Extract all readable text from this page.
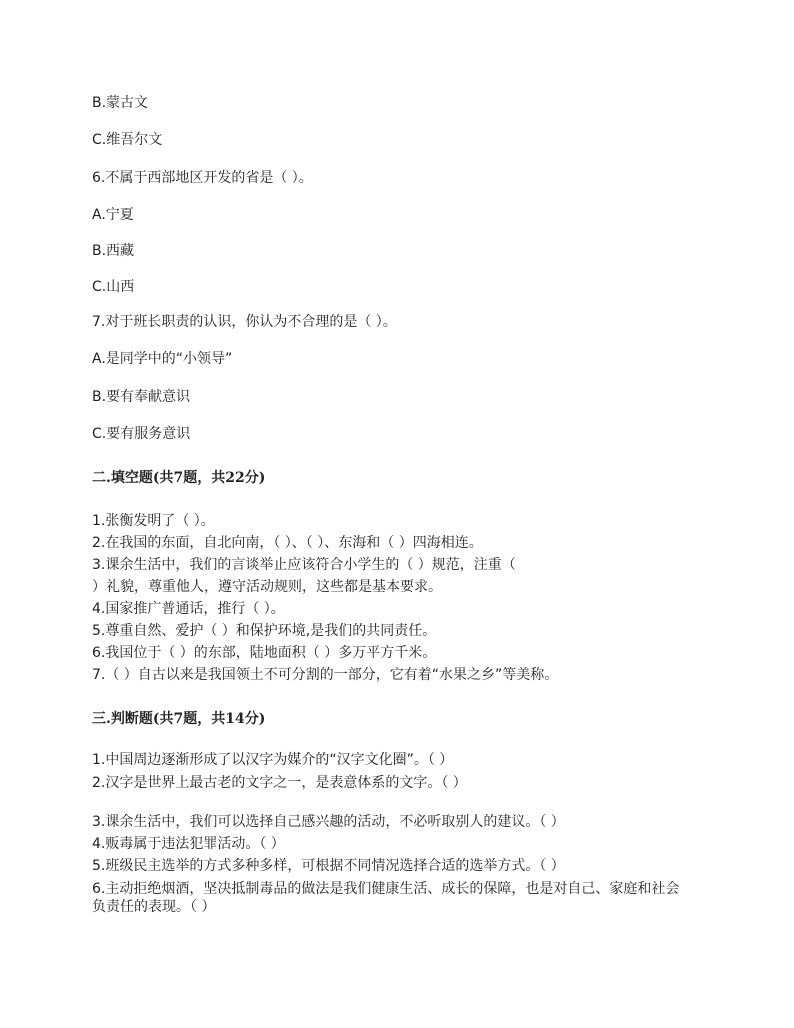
B.蒙古文
C.维吾尔文
6.不属于西部地区开发的省是（ ）。
A.宁夏
B.西藏
C.山西
7.对于班长职责的认识，你认为不合理的是（ ）。
A.是同学中的“小领导”
B.要有奉献意识
C.要有服务意识
二.填空题(共7题，共22分)
1.张衡发明了（ ）。
2.在我国的东面，自北向南，（ ）、（ ）、东海和（ ）四海相连。
3.课余生活中，我们的言谈举止应该符合小学生的（ ）规范，注重（
）礼貌，尊重他人，遵守活动规则，这些都是基本要求。
4.国家推广普通话，推行（ ）。
5.尊重自然、爱护（ ）和保护环境,是我们的共同责任。
6.我国位于（ ）的东部，陆地面积（ ）多万平方千米。
7.（ ）自古以来是我国领土不可分割的一部分，它有着“水果之乡”等美称。
三.判断题(共7题，共14分)
1.中国周边逐渐形成了以汉字为媒介的“汉字文化圈”。（ ）
2.汉字是世界上最古老的文字之一，是表意体系的文字。（ ）
3.课余生活中，我们可以选择自己感兴趣的活动，不必听取别人的建议。（ ）
4.贩毒属于违法犯罪活动。（ ）
5.班级民主选举的方式多种多样，可根据不同情况选择合适的选举方式。（ ）
6.主动拒绝烟酒，坚决抵制毒品的做法是我们健康生活、成长的保障，也是对自己、家庭和社会负责任的表现。（ ）
